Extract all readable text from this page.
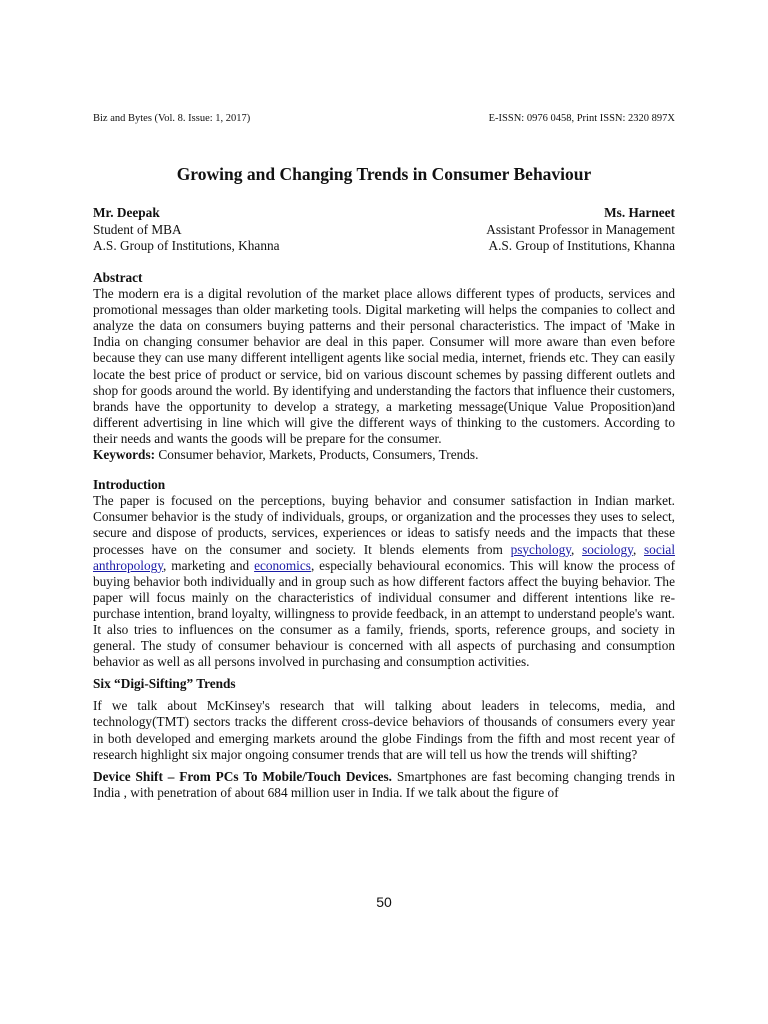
Biz and Bytes (Vol. 8. Issue: 1, 2017)	E-ISSN: 0976 0458, Print ISSN: 2320 897X
Growing and Changing Trends in Consumer Behaviour
Mr. Deepak
Student of MBA
A.S. Group of Institutions, Khanna
Ms. Harneet
Assistant Professor in Management
A.S. Group of Institutions, Khanna
Abstract

The modern era is a digital revolution of the market place allows different types of products, services and promotional messages than older marketing tools. Digital marketing will helps the companies to collect and analyze the data on consumers buying patterns and their personal characteristics. The impact of 'Make in India on changing consumer behavior are deal in this paper. Consumer will more aware than even before because they can use many different intelligent agents like social media, internet, friends etc. They can easily locate the best price of product or service, bid on various discount schemes by passing different outlets and shop for goods around the world. By identifying and understanding the factors that influence their customers, brands have the opportunity to develop a strategy, a marketing message(Unique Value Proposition)and different advertising in line which will give the different ways of thinking to the customers. According to their needs and wants the goods will be prepare for the consumer.

Keywords: Consumer behavior, Markets, Products, Consumers, Trends.

Introduction

The paper is focused on the perceptions, buying behavior and consumer satisfaction in Indian market. Consumer behavior is the study of individuals, groups, or organization and the processes they uses to select, secure and dispose of products, services, experiences or ideas to satisfy needs and the impacts that these processes have on the consumer and society. It blends elements from psychology, sociology, social anthropology, marketing and economics, especially behavioural economics. This will know the process of buying behavior both individually and in group such as how different factors affect the buying behavior. The paper will focus mainly on the characteristics of individual consumer and different intentions like re-purchase intention, brand loyalty, willingness to provide feedback, in an attempt to understand people's want. It also tries to influences on the consumer as a family, friends, sports, reference groups, and society in general. The study of consumer behaviour is concerned with all aspects of purchasing and consumption behavior as well as all persons involved in purchasing and consumption activities.

Six “Digi-Sifting” Trends

If we talk about McKinsey's research that will talking about leaders in telecoms, media, and technology(TMT) sectors tracks the different cross-device behaviors of thousands of consumers every year in both developed and emerging markets around the globe Findings from the fifth and most recent year of research highlight six major ongoing consumer trends that are will tell us how the trends will shifting?

Device Shift – From PCs To Mobile/Touch Devices. Smartphones are fast becoming changing trends in India , with penetration of about 684 million user in India. If we talk about the figure of

50
